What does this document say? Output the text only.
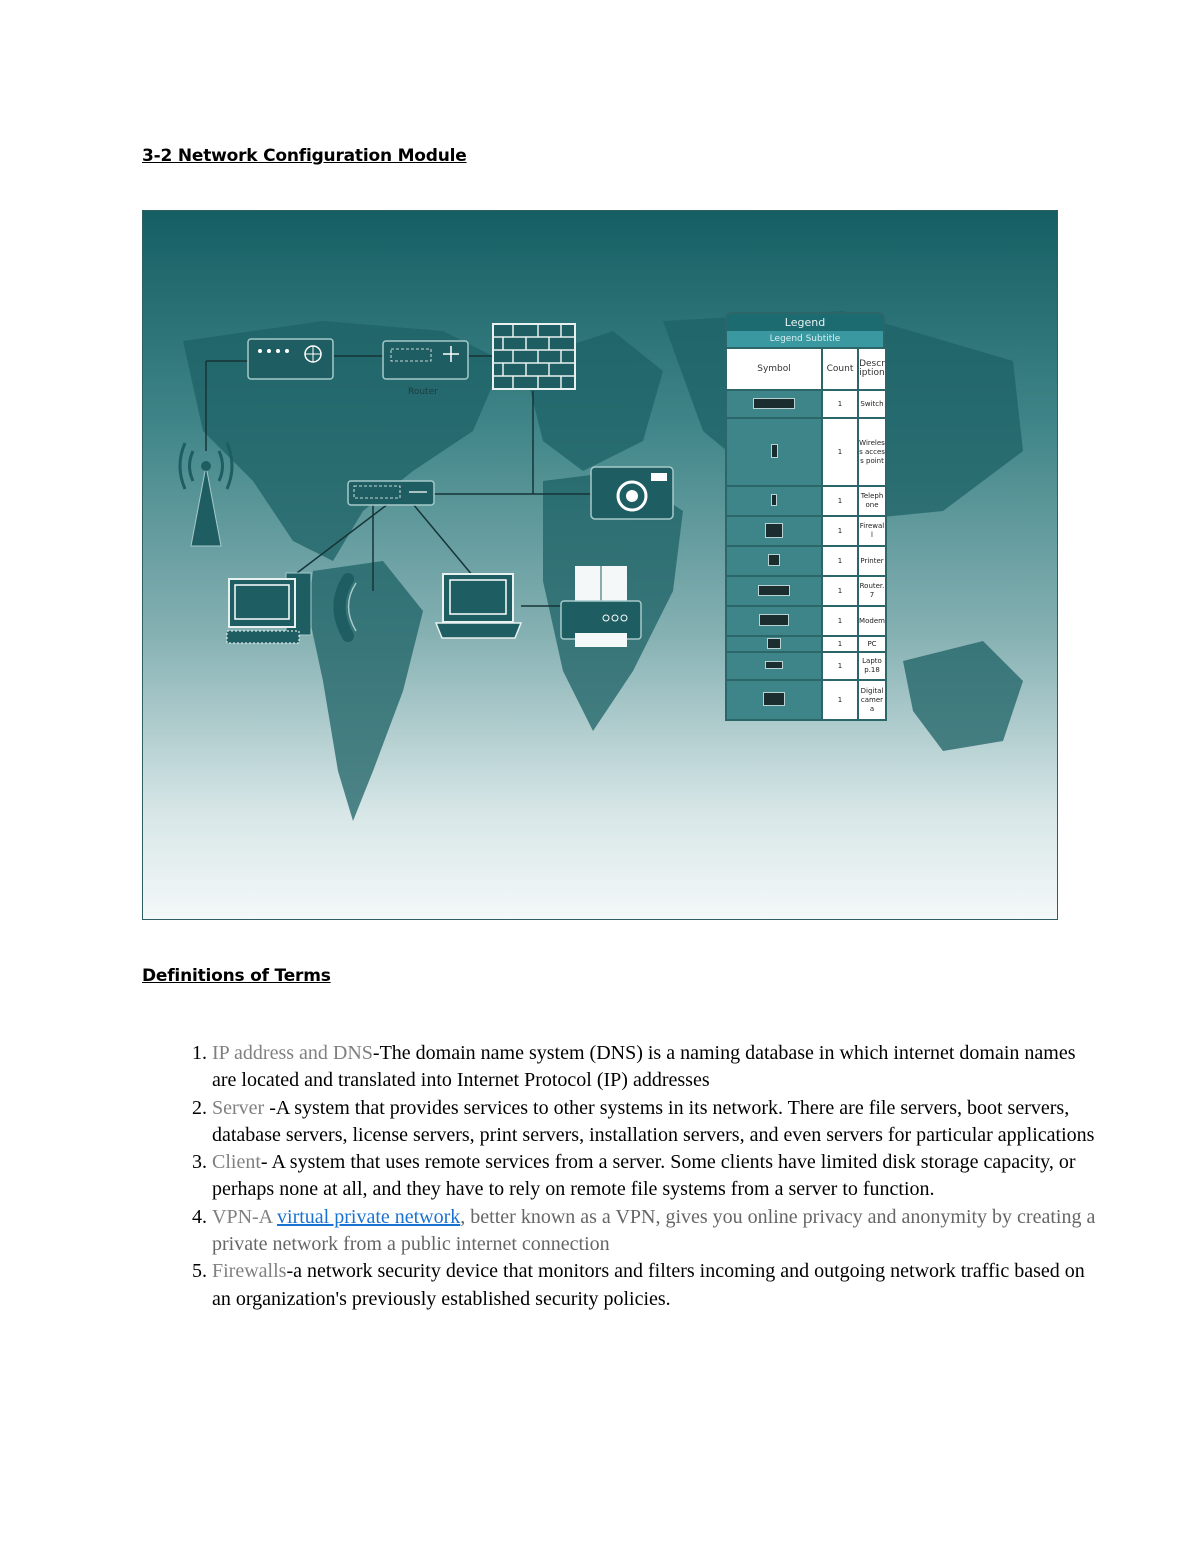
3-2 Network Configuration Module
Router
Legend
Legend Subtitle
Symbol	Count	Description
	1	Switch
	1	Wireless access point
	1	Telephone
	1	Firewall
	1	Printer
	1	Router.7
	1	Modem
	1	PC
	1	Laptop.18
	1	Digital camera
Definitions of Terms
1. IP address and DNS-The domain name system (DNS) is a naming database in which internet domain names are located and translated into Internet Protocol (IP) addresses
2. Server -A system that provides services to other systems in its network. There are file servers, boot servers, database servers, license servers, print servers, installation servers, and even servers for particular applications
3. Client- A system that uses remote services from a server. Some clients have limited disk storage capacity, or perhaps none at all, and they have to rely on remote file systems from a server to function.
4. VPN-A virtual private network, better known as a VPN, gives you online privacy and anonymity by creating a private network from a public internet connection
5. Firewalls-a network security device that monitors and filters incoming and outgoing network traffic based on an organization's previously established security policies.
